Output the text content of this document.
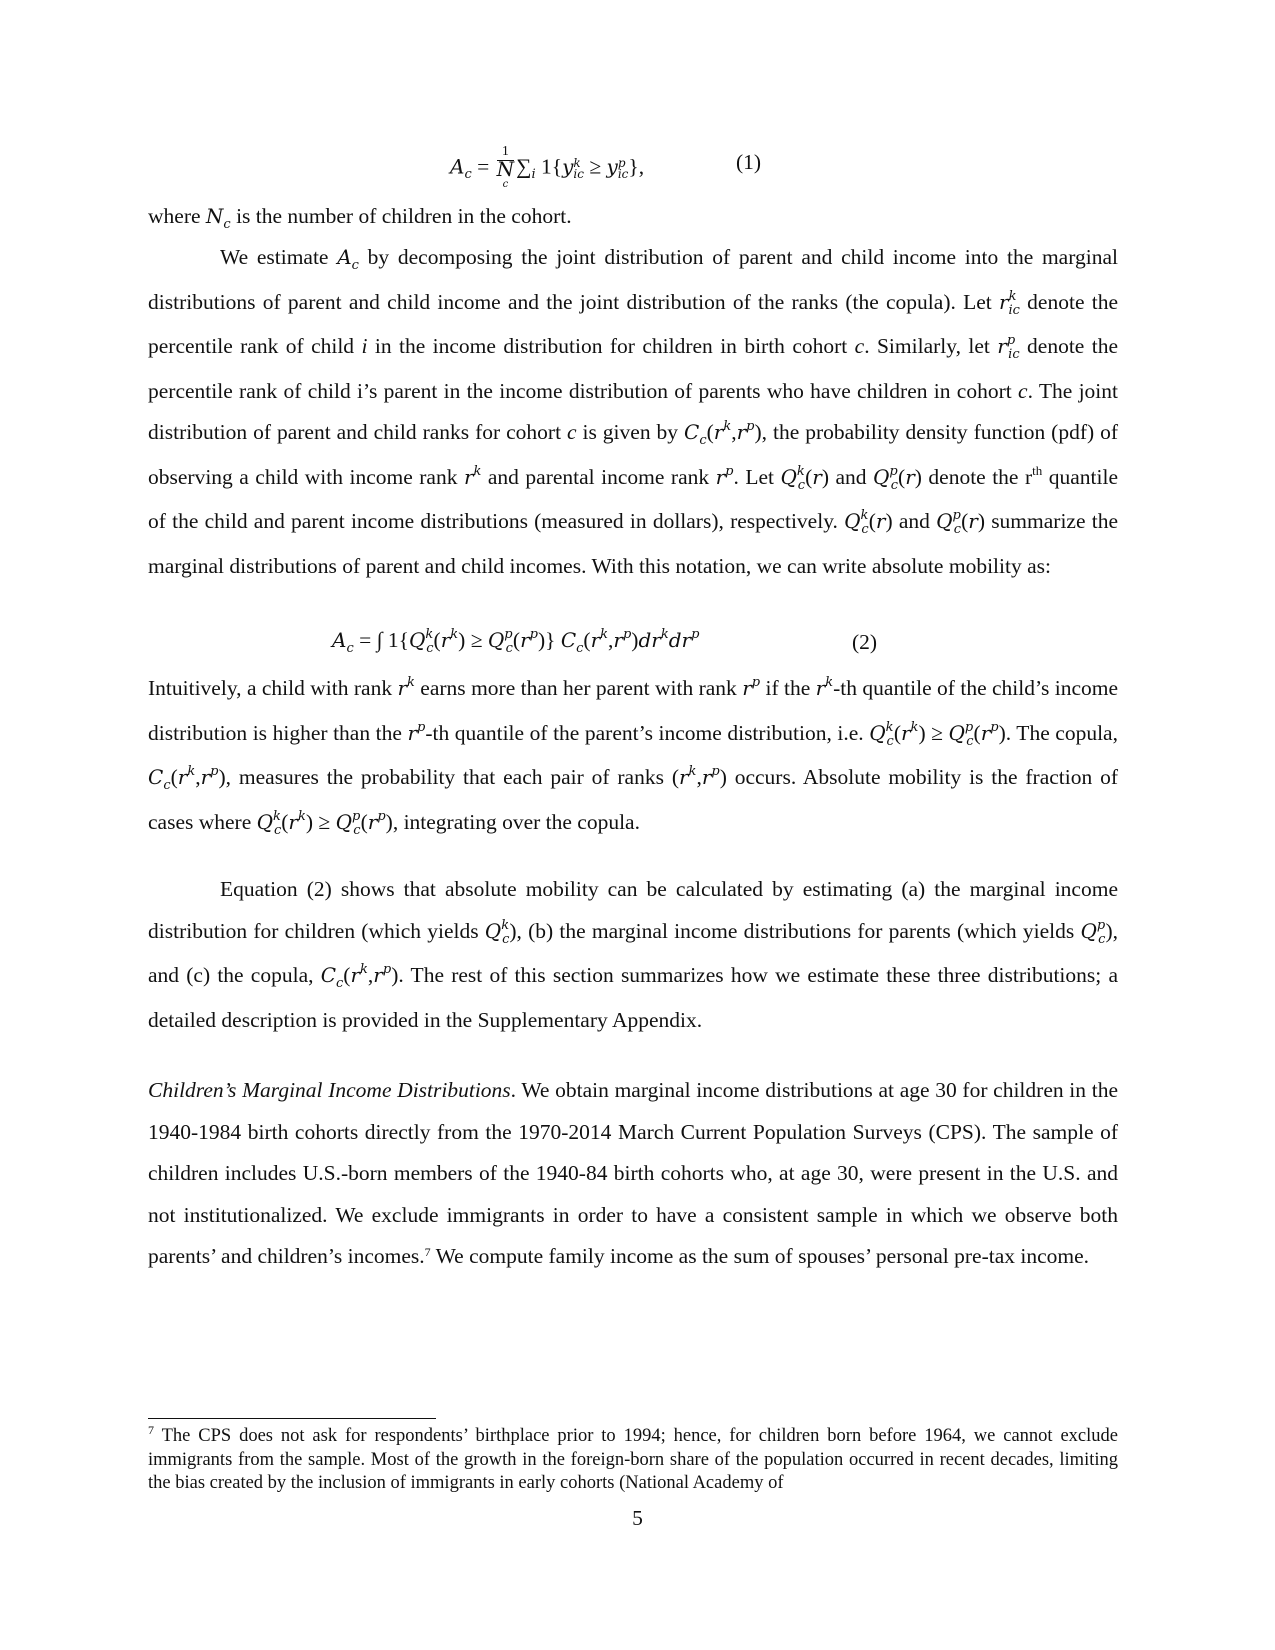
$A_c = 1$
N
c $\sum_i$ 1{y k
ic ≥ y p
ic },	(1)

where $N_c$ is the number of children in the cohort.

We estimate $A_c$ by decomposing the joint distribution of parent and child income into the marginal distributions of parent and child income and the joint distribution of the ranks (the copula). Let $r^k_{ic}$ denote the percentile rank of child i in the income distribution for children in birth cohort c. Similarly, let $r^p_{ic}$ denote the percentile rank of child i’s parent in the income distribution of parents who have children in cohort c. The joint distribution of parent and child ranks for cohort c is given by $C_c(r^k,r^p)$, the probability density function (pdf) of observing a child with income rank $r^k$ and parental income rank $r^p$. Let $Q^k_c(r)$ and $Q^p_c(r)$ denote the $r^{th}$ quantile of the child and parent income distributions (measured in dollars), respectively. $Q^k_c(r)$ and $Q^p_c(r)$ summarize the marginal distributions of parent and child incomes. With this notation, we can write absolute mobility as:

$A_c$ = ∫ $1\{Q^k_c(r^k) \ge Q^p_c(r^p)\}$ $C_c(r^k,r^p)dr^kdr^p$	(2)

Intuitively, a child with rank $r^k$ earns more than her parent with rank $r^p$ if the $r^k-th$ quantile of the child’s income distribution is higher than the $r^p-th$ quantile of the parent’s income distribution, i.e. $Q^k_c(r^k) \ge Q^p_c(r^p)$. The copula, $C_c(r^k,r^p)$, measures the probability that each pair of ranks $(r^k,r^p)$ occurs. Absolute mobility is the fraction of cases where $Q^k_c(r^k) \ge Q^p_c(r^p)$, integrating over the copula.

Equation (2) shows that absolute mobility can be calculated by estimating (a) the marginal income distribution for children (which yields $Q^k_c$), (b) the marginal income distributions for parents (which yields $Q^p_c$), and (c) the copula, $C_c(r^k,r^p)$. The rest of this section summarizes how we estimate these three distributions; a detailed description is provided in the Supplementary Appendix.

Children’s Marginal Income Distributions. We obtain marginal income distributions at age 30 for children in the 1940-1984 birth cohorts directly from the 1970-2014 March Current Population Surveys (CPS). The sample of children includes U.S.-born members of the 1940-84 birth cohorts who, at age 30, were present in the U.S. and not institutionalized. We exclude immigrants in order to have a consistent sample in which we observe both parents’ and children’s incomes.$^7$ We compute family income as the sum of spouses’ personal pre-tax income.

$^7$ The CPS does not ask for respondents’ birthplace prior to 1994; hence, for children born before 1964, we cannot exclude immigrants from the sample. Most of the growth in the foreign-born share of the population occurred in recent decades, limiting the bias created by the inclusion of immigrants in early cohorts (National Academy of

5
